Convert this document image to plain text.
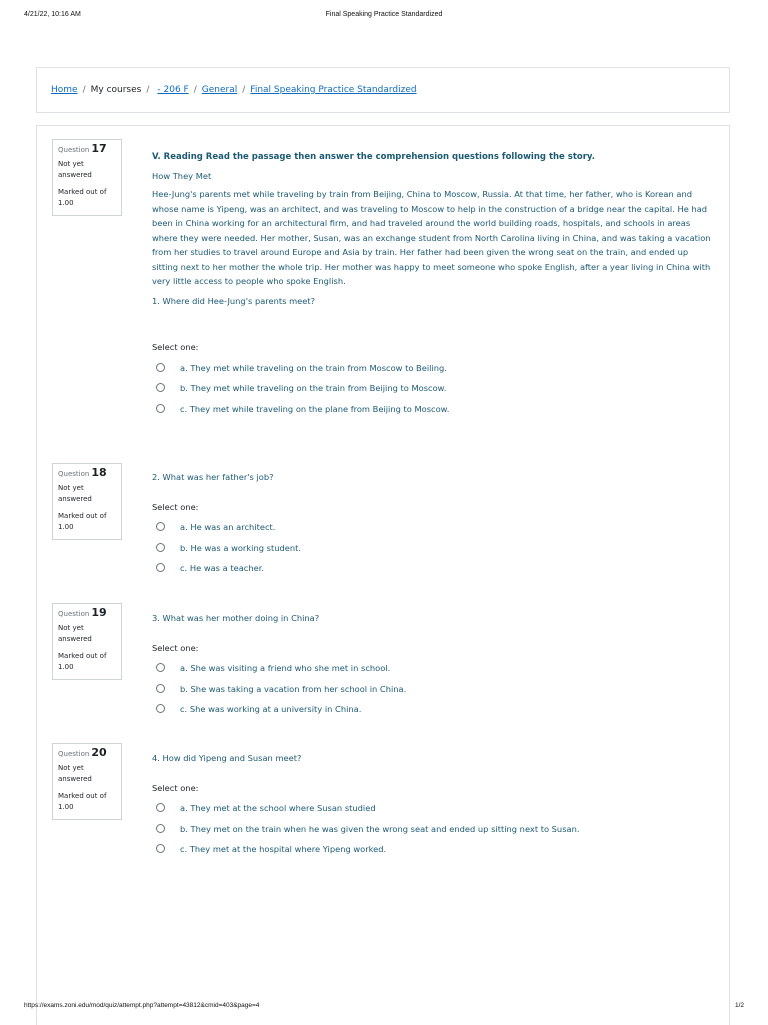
4/21/22, 10:16 AM	Final Speaking Practice Standardized
Home / My courses / - 206 F / General / Final Speaking Practice Standardized
Question 17
Not yet answered
Marked out of 1.00
V. Reading Read the passage then answer the comprehension questions following the story.
How They Met
Hee-Jung's parents met while traveling by train from Beijing, China to Moscow, Russia. At that time, her father, who is Korean and whose name is Yipeng, was an architect, and was traveling to Moscow to help in the construction of a bridge near the capital. He had been in China working for an architectural firm, and had traveled around the world building roads, hospitals, and schools in areas where they were needed. Her mother, Susan, was an exchange student from North Carolina living in China, and was taking a vacation from her studies to travel around Europe and Asia by train. Her father had been given the wrong seat on the train, and ended up sitting next to her mother the whole trip. Her mother was happy to meet someone who spoke English, after a year living in China with very little access to people who spoke English.
1. Where did Hee-Jung's parents meet?
Select one:
a. They met while traveling on the train from Moscow to Beiling.
b. They met while traveling on the train from Beijing to Moscow.
c. They met while traveling on the plane from Beijing to Moscow.
Question 18
Not yet answered
Marked out of 1.00
2. What was her father's job?
Select one:
a. He was an architect.
b. He was a working student.
c. He was a teacher.
Question 19
Not yet answered
Marked out of 1.00
3. What was her mother doing in China?
Select one:
a. She was visiting a friend who she met in school.
b. She was taking a vacation from her school in China.
c. She was working at a university in China.
Question 20
Not yet answered
Marked out of 1.00
4. How did Yipeng and Susan meet?
Select one:
a. They met at the school where Susan studied
b. They met on the train when he was given the wrong seat and ended up sitting next to Susan.
c. They met at the hospital where Yipeng worked.
https://exams.zoni.edu/mod/quiz/attempt.php?attempt=43812&cmid=403&page=4	1/2
